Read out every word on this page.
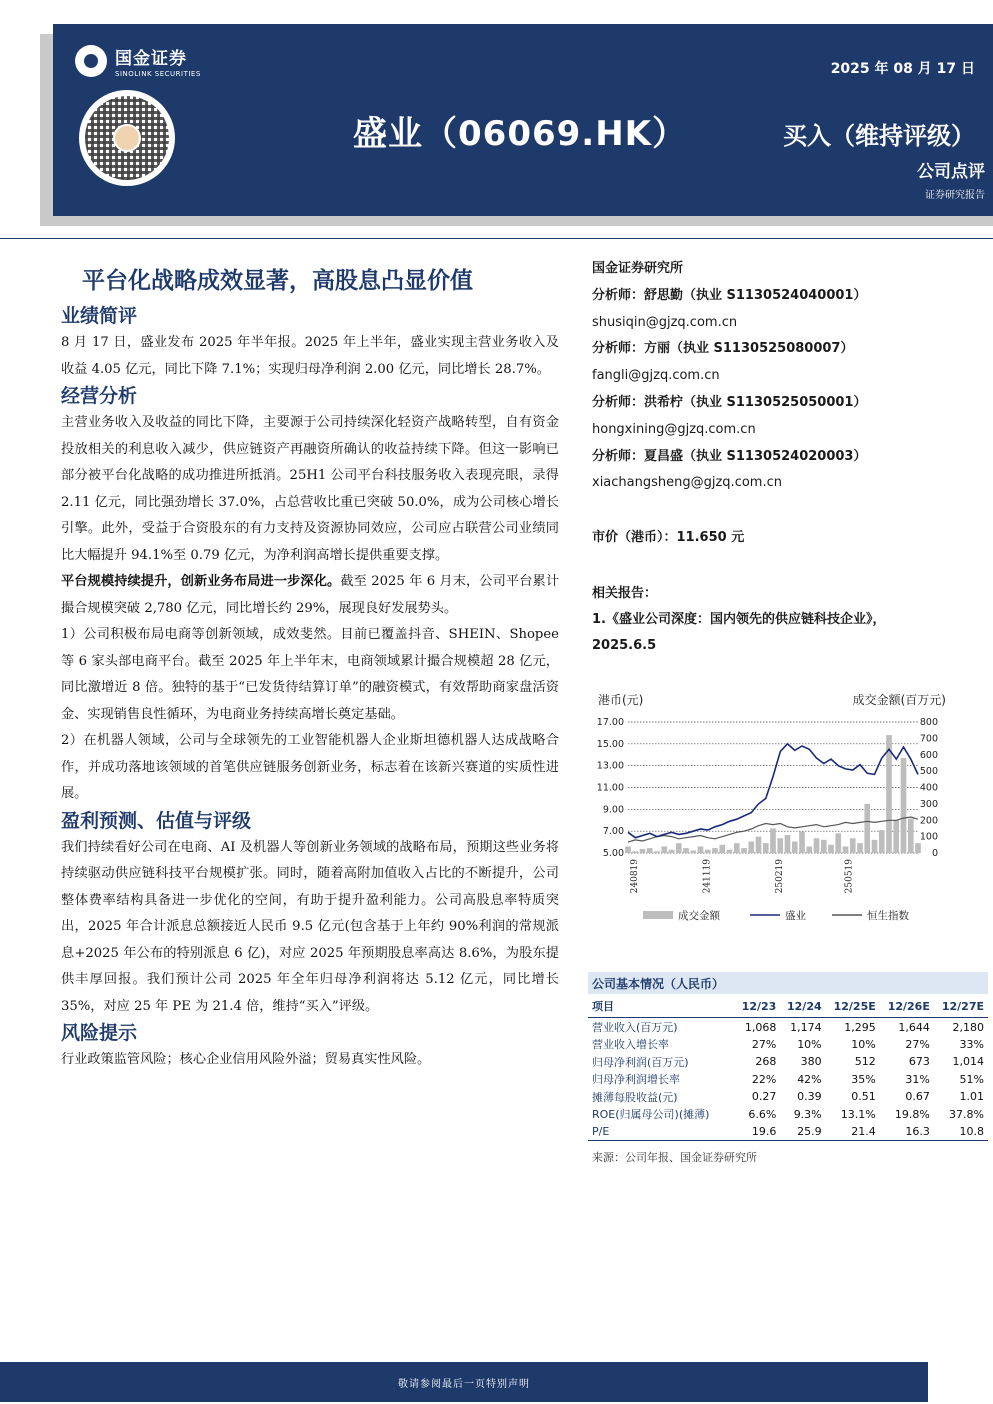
国金证券
SINOLINK SECURITIES	2025 年 08 月 17 日
盛业（06069.HK）	买入（维持评级）
公司点评
证券研究报告
平台化战略成效显著，高股息凸显价值
业绩简评

8 月 17 日，盛业发布 2025 年半年报。2025 年上半年，盛业实现主营业务收入及收益 4.05 亿元，同比下降 7.1%；实现归母净利润 2.00 亿元，同比增长 28.7%。

经营分析

主营业务收入及收益的同比下降，主要源于公司持续深化轻资产战略转型，自有资金投放相关的利息收入减少，供应链资产再融资所确认的收益持续下降。但这一影响已部分被平台化战略的成功推进所抵消。25H1 公司平台科技服务收入表现亮眼，录得 2.11 亿元，同比强劲增长 37.0%，占总营收比重已突破 50.0%，成为公司核心增长引擎。此外，受益于合资股东的有力支持及资源协同效应，公司应占联营公司业绩同比大幅提升 94.1%至 0.79 亿元，为净利润高增长提供重要支撑。

平台规模持续提升，创新业务布局进一步深化。截至 2025 年 6 月末，公司平台累计撮合规模突破 2,780 亿元，同比增长约 29%，展现良好发展势头。

1）公司积极布局电商等创新领域，成效斐然。目前已覆盖抖音、SHEIN、Shopee 等 6 家头部电商平台。截至 2025 年上半年末，电商领域累计撮合规模超 28 亿元，同比激增近 8 倍。独特的基于“已发货待结算订单”的融资模式，有效帮助商家盘活资金、实现销售良性循环，为电商业务持续高增长奠定基础。

2）在机器人领域，公司与全球领先的工业智能机器人企业斯坦德机器人达成战略合作，并成功落地该领域的首笔供应链服务创新业务，标志着在该新兴赛道的实质性进展。

盈利预测、估值与评级

我们持续看好公司在电商、AI 及机器人等创新业务领域的战略布局，预期这些业务将持续驱动供应链科技平台规模扩张。同时，随着高附加值收入占比的不断提升，公司整体费率结构具备进一步优化的空间，有助于提升盈利能力。公司高股息率特质突出，2025 年合计派息总额接近人民币 9.5 亿元(包含基于上年约 90%利润的常规派息+2025 年公布的特别派息 6 亿)，对应 2025 年预期股息率高达 8.6%，为股东提供丰厚回报。我们预计公司 2025 年全年归母净利润将达 5.12 亿元，同比增长 35%，对应 25 年 PE 为 21.4 倍，维持“买入”评级。

风险提示

行业政策监管风险；核心企业信用风险外溢；贸易真实性风险。

国金证券研究所
分析师：舒思勤（执业 S1130524040001）
shusiqin@gjzq.com.cn
分析师：方丽（执业 S1130525080007）
fangli@gjzq.com.cn
分析师：洪希柠（执业 S1130525050001）
hongxining@gjzq.com.cn
分析师：夏昌盛（执业 S1130524020003）
xiachangsheng@gjzq.com.cn
市价（港币）：11.650 元
相关报告：
1.《盛业公司深度：国内领先的供应链科技企业》，
2025.6.5
港币(元)	成交金额(百万元)
17.00
15.00
13.00
11.00
9.00
7.00
5.00
800
700
600
500
400
300
200
100
0
240819	241119	250219	250519
成交金额	盛业	恒生指数
公司基本情况（人民币）
项目	12/23	12/24	12/25E	12/26E	12/27E
营业收入(百万元)	1,068	1,174	1,295	1,644	2,180
营业收入增长率	27%	10%	10%	27%	33%
归母净利润(百万元)	268	380	512	673	1,014
归母净利润增长率	22%	42%	35%	31%	51%
摊薄每股收益(元)	0.27	0.39	0.51	0.67	1.01
ROE(归属母公司)(摊薄)	6.6%	9.3%	13.1%	19.8%	37.8%
P/E	19.6	25.9	21.4	16.3	10.8
来源：公司年报、国金证券研究所
敬请参阅最后一页特别声明
